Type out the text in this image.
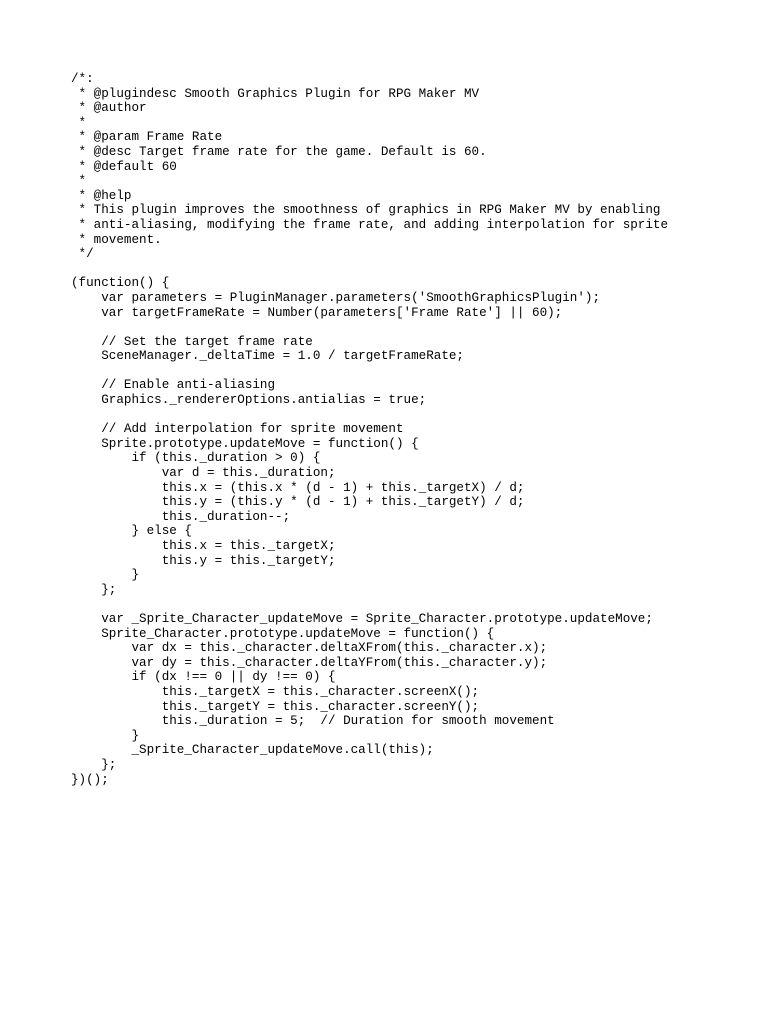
/*:
* @plugindesc Smooth Graphics Plugin for RPG Maker MV
* @author
*
* @param Frame Rate
* @desc Target frame rate for the game. Default is 60.
* @default 60
*
* @help
* This plugin improves the smoothness of graphics in RPG Maker MV by enabling
* anti-aliasing, modifying the frame rate, and adding interpolation for sprite
* movement.
*/
(function() {
var parameters = PluginManager.parameters('SmoothGraphicsPlugin');
var targetFrameRate = Number(parameters['Frame Rate'] || 60);
// Set the target frame rate
SceneManager._deltaTime = 1.0 / targetFrameRate;
// Enable anti-aliasing
Graphics._rendererOptions.antialias = true;
// Add interpolation for sprite movement
Sprite.prototype.updateMove = function() {
if (this._duration > 0) {
var d = this._duration;
this.x = (this.x * (d - 1) + this._targetX) / d;
this.y = (this.y * (d - 1) + this._targetY) / d;
this._duration--;
} else {
this.x = this._targetX;
this.y = this._targetY;
}
};
var _Sprite_Character_updateMove = Sprite_Character.prototype.updateMove;
Sprite_Character.prototype.updateMove = function() {
var dx = this._character.deltaXFrom(this._character.x);
var dy = this._character.deltaYFrom(this._character.y);
if (dx !== 0 || dy !== 0) {
this._targetX = this._character.screenX();
this._targetY = this._character.screenY();
this._duration = 5;  // Duration for smooth movement
}
_Sprite_Character_updateMove.call(this);
};
})();
